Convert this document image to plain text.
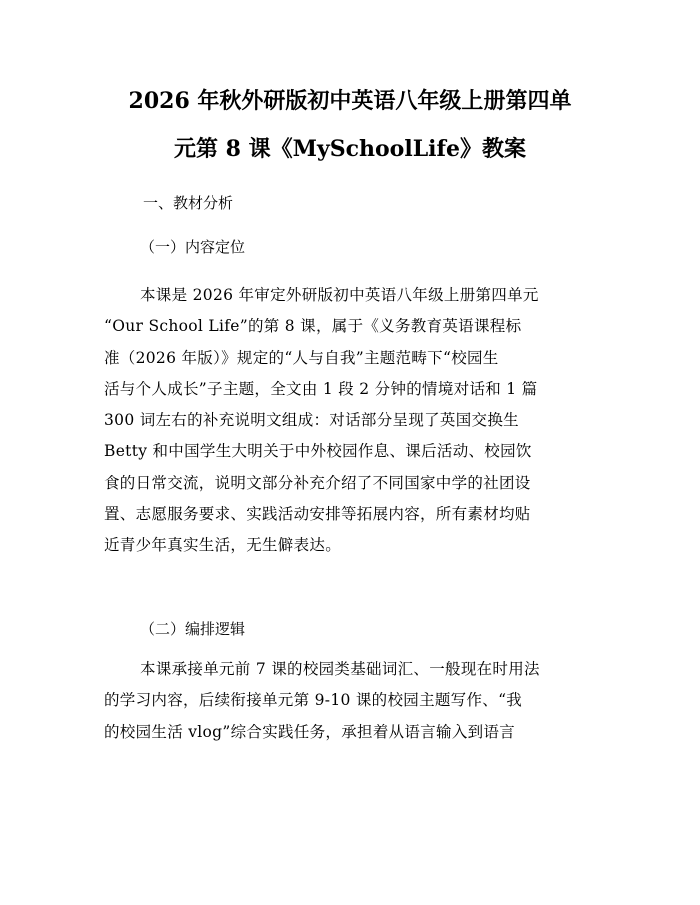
2026 年秋外研版初中英语八年级上册第四单
元第 8 课《MySchoolLife》教案
一、教材分析
（一）内容定位
本课是 2026 年审定外研版初中英语八年级上册第四单元
“Our School Life”的第 8 课，属于《义务教育英语课程标
准（2026 年版）》规定的“人与自我”主题范畴下“校园生
活与个人成长”子主题，全文由 1 段 2 分钟的情境对话和 1 篇
300 词左右的补充说明文组成：对话部分呈现了英国交换生
Betty 和中国学生大明关于中外校园作息、课后活动、校园饮
食的日常交流，说明文部分补充介绍了不同国家中学的社团设
置、志愿服务要求、实践活动安排等拓展内容，所有素材均贴
近青少年真实生活，无生僻表达。
（二）编排逻辑
本课承接单元前 7 课的校园类基础词汇、一般现在时用法
的学习内容，后续衔接单元第 9-10 课的校园主题写作、“我
的校园生活 vlog”综合实践任务，承担着从语言输入到语言
